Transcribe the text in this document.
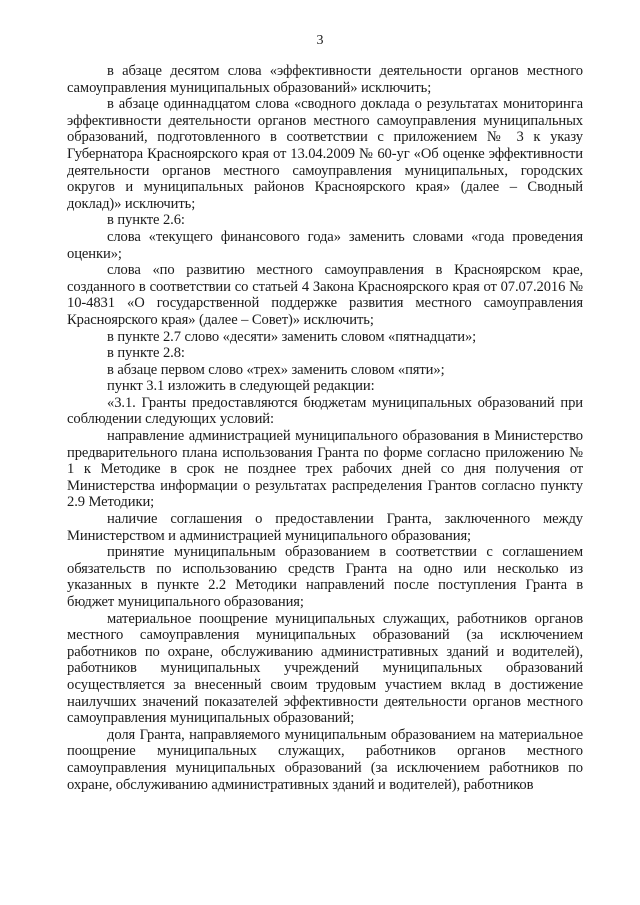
3

в абзаце десятом слова «эффективности деятельности органов местного самоуправления муниципальных образований» исключить;

в абзаце одиннадцатом слова «сводного доклада о результатах мониторинга эффективности деятельности органов местного самоуправления муниципальных образований, подготовленного в соответствии с приложением № 3 к указу Губернатора Красноярского края от 13.04.2009 № 60-уг «Об оценке эффективности деятельности органов местного самоуправления муниципальных, городских округов и муниципальных районов Красноярского края» (далее – Сводный доклад)» исключить;

в пункте 2.6:

слова «текущего финансового года» заменить словами «года проведения оценки»;

слова «по развитию местного самоуправления в Красноярском крае, созданного в соответствии со статьей 4 Закона Красноярского края от 07.07.2016 № 10-4831 «О государственной поддержке развития местного самоуправления Красноярского края» (далее – Совет)» исключить;

в пункте 2.7 слово «десяти» заменить словом «пятнадцати»;

в пункте 2.8:

в абзаце первом слово «трех» заменить словом «пяти»;

пункт 3.1 изложить в следующей редакции:

«3.1. Гранты предоставляются бюджетам муниципальных образований при соблюдении следующих условий:

направление администрацией муниципального образования в Министерство предварительного плана использования Гранта по форме согласно приложению № 1 к Методике в срок не позднее трех рабочих дней со дня получения от Министерства информации о результатах распределения Грантов согласно пункту 2.9 Методики;

наличие соглашения о предоставлении Гранта, заключенного между Министерством и администрацией муниципального образования;

принятие муниципальным образованием в соответствии с соглашением обязательств по использованию средств Гранта на одно или несколько из указанных в пункте 2.2 Методики направлений после поступления Гранта в бюджет муниципального образования;

материальное поощрение муниципальных служащих, работников органов местного самоуправления муниципальных образований (за исключением работников по охране, обслуживанию административных зданий и водителей), работников муниципальных учреждений муниципальных образований осуществляется за внесенный своим трудовым участием вклад в достижение наилучших значений показателей эффективности деятельности органов местного самоуправления муниципальных образований;

доля Гранта, направляемого муниципальным образованием на материальное поощрение муниципальных служащих, работников органов местного самоуправления муниципальных образований (за исключением работников по охране, обслуживанию административных зданий и водителей), работников
